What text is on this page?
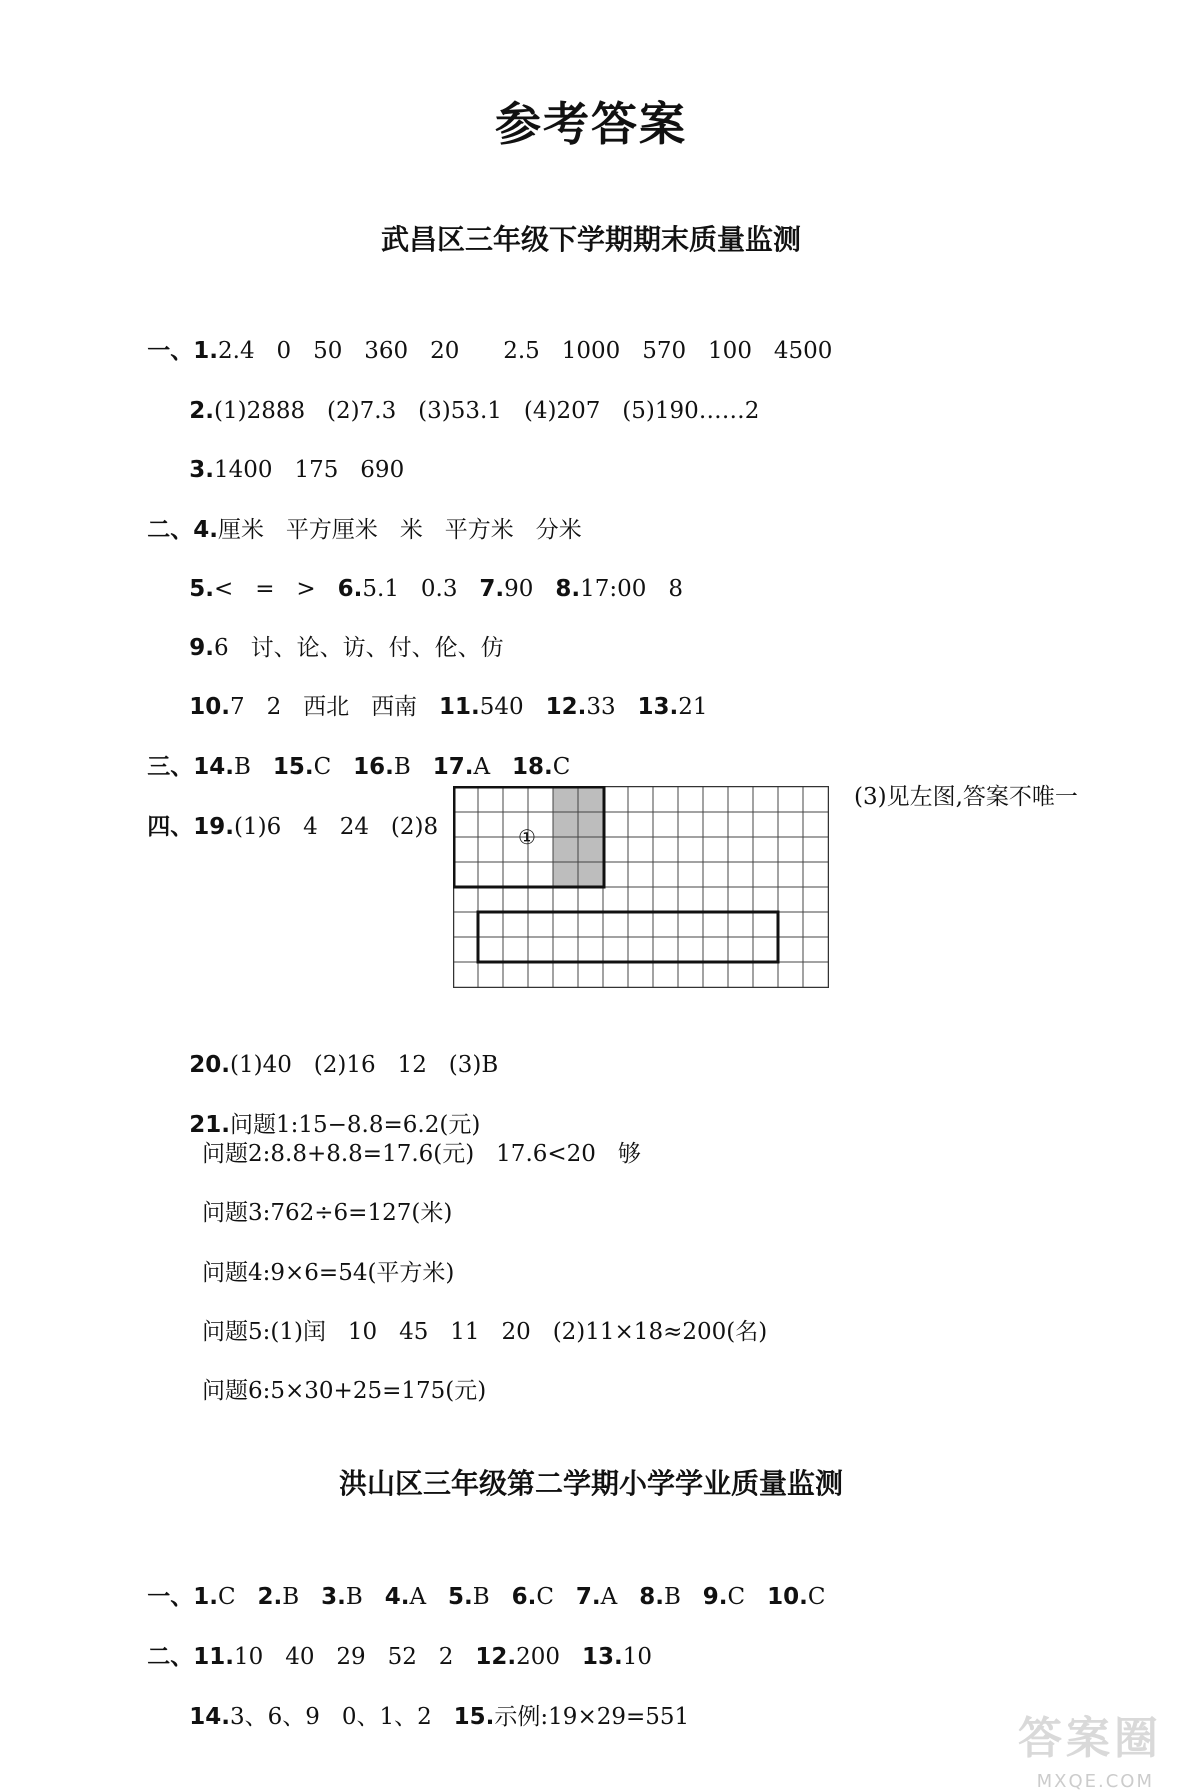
参考答案
武昌区三年级下学期期末质量监测

一、1.2.4   0   50   360   20      2.5   1000   570   100   4500

2.(1)2888   (2)7.3   (3)53.1   (4)207   (5)190……2

3.1400   175   690

二、4.厘米   平方厘米   米   平方米   分米

5.<   =   >   6.5.1   0.3   7.90   8.17:00   8

9.6   讨、论、访、付、伦、仿

10.7   2   西北   西南   11.540   12.33   13.21

三、14.B   15.C   16.B   17.A   18.C

四、19.(1)6   4   24   (2)8

(3)见左图,答案不唯一
①

20.(1)40   (2)16   12   (3)B

21.问题1:15−8.8=6.2(元)

问题2:8.8+8.8=17.6(元)   17.6<20   够
问题3:762÷6=127(米)
问题4:9×6=54(平方米)
问题5:(1)闰   10   45   11   20   (2)11×18≈200(名)
问题6:5×30+25=175(元)
洪山区三年级第二学期小学学业质量监测

一、1.C   2.B   3.B   4.A   5.B   6.C   7.A   8.B   9.C   10.C

二、11.10   40   29   52   2   12.200   13.10

14.3、6、9   0、1、2   15.示例:19×29=551
	答案圈
MXQE.COM
